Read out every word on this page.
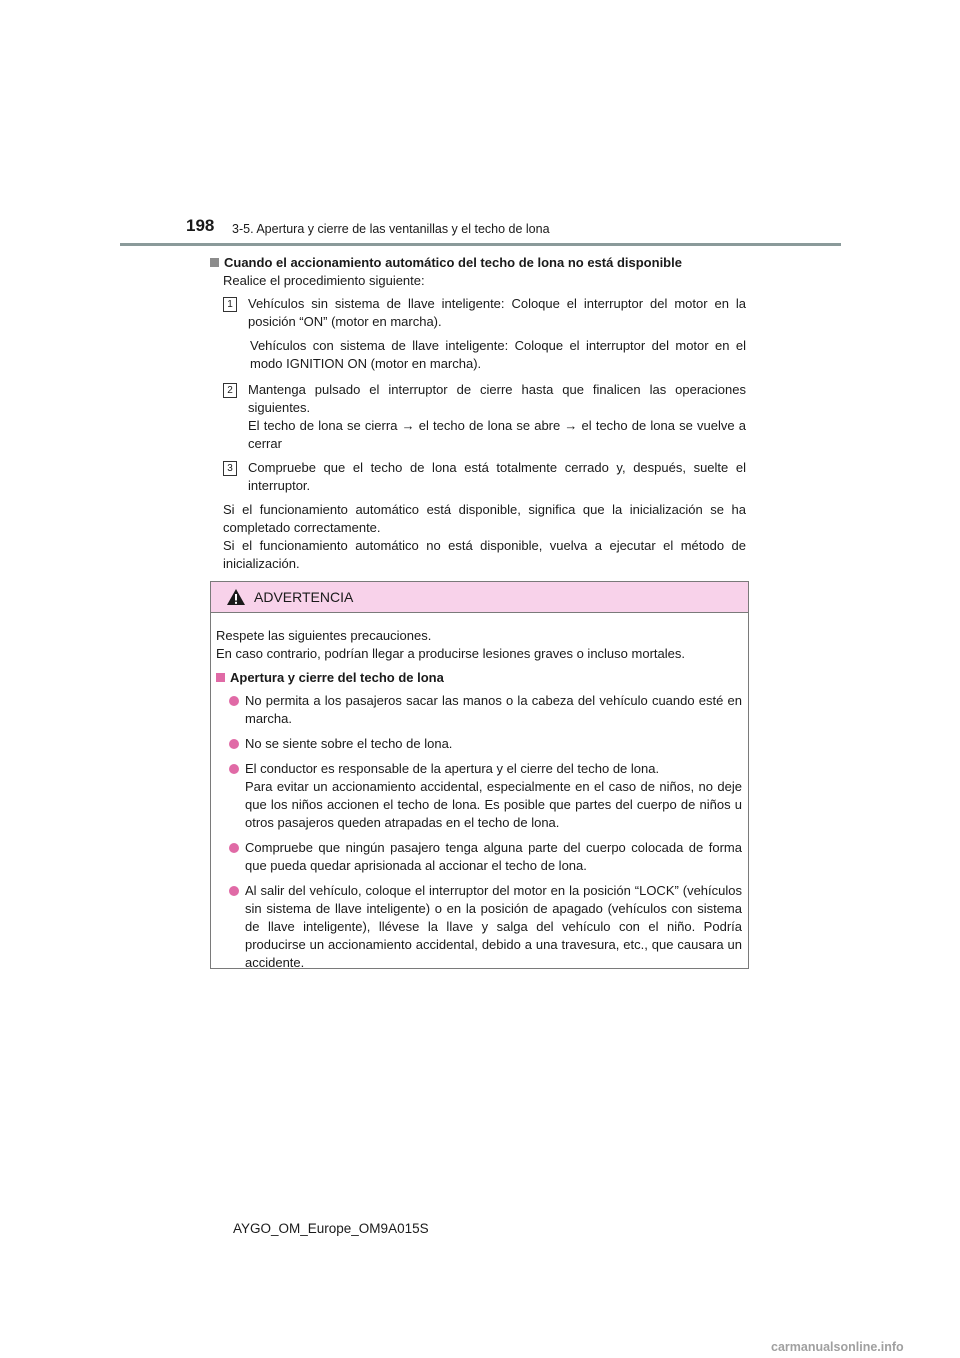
198 3-5. Apertura y cierre de las ventanillas y el techo de lona
Cuando el accionamiento automático del techo de lona no está disponible
Realice el procedimiento siguiente:
1	Vehículos sin sistema de llave inteligente: Coloque el interruptor del motor en la posición “ON” (motor en marcha).
Vehículos con sistema de llave inteligente: Coloque el interruptor del motor en el modo IGNITION ON (motor en marcha).
2	Mantenga pulsado el interruptor de cierre hasta que finalicen las operaciones siguientes.
El techo de lona se cierra → el techo de lona se abre → el techo de lona se vuelve a cerrar
3	Compruebe que el techo de lona está totalmente cerrado y, después, suelte el interruptor.
Si el funcionamiento automático está disponible, significa que la inicialización se ha completado correctamente.
Si el funcionamiento automático no está disponible, vuelva a ejecutar el método de inicialización.
ADVERTENCIA
Respete las siguientes precauciones.
En caso contrario, podrían llegar a producirse lesiones graves o incluso mortales.
Apertura y cierre del techo de lona
No permita a los pasajeros sacar las manos o la cabeza del vehículo cuando esté en marcha.
No se siente sobre el techo de lona.
El conductor es responsable de la apertura y el cierre del techo de lona.
Para evitar un accionamiento accidental, especialmente en el caso de niños, no deje que los niños accionen el techo de lona. Es posible que partes del cuerpo de niños u otros pasajeros queden atrapadas en el techo de lona.
Compruebe que ningún pasajero tenga alguna parte del cuerpo colocada de forma que pueda quedar aprisionada al accionar el techo de lona.
Al salir del vehículo, coloque el interruptor del motor en la posición “LOCK” (vehículos sin sistema de llave inteligente) o en la posición de apagado (vehículos con sistema de llave inteligente), llévese la llave y salga del vehículo con el niño. Podría producirse un accionamiento accidental, debido a una travesura, etc., que causara un accidente.
AYGO_OM_Europe_OM9A015S
carmanualsonline.info
